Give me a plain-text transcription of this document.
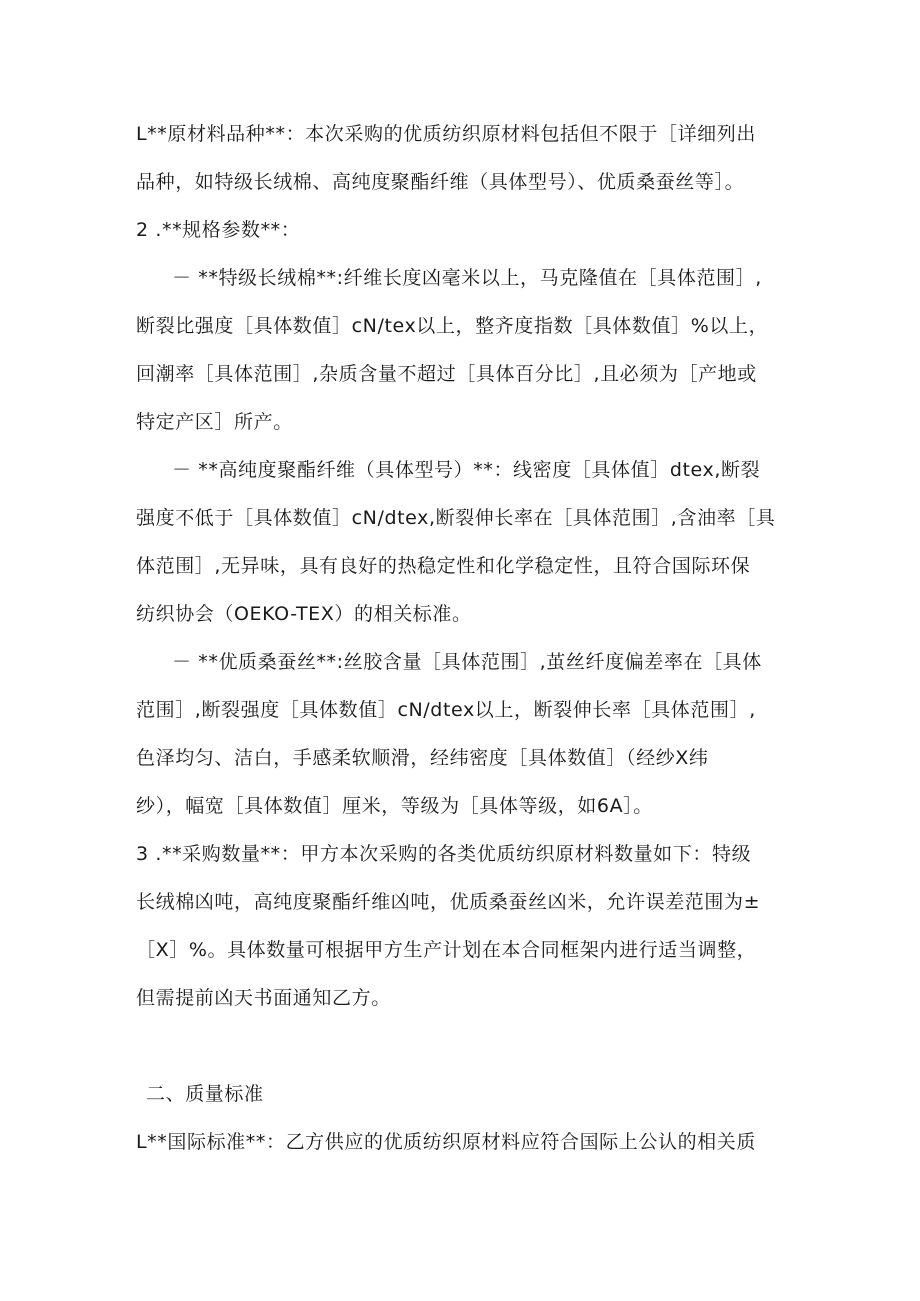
L**原材料品种**：本次采购的优质纺织原材料包括但不限于［详细列出
品种，如特级长绒棉、高纯度聚酯纤维（具体型号）、优质桑蚕丝等］。
2 .**规格参数**：
－ **特级长绒棉**:纤维长度凶毫米以上，马克隆值在［具体范围］,
断裂比强度［具体数值］cN/tex以上，整齐度指数［具体数值］%以上，
回潮率［具体范围］,杂质含量不超过［具体百分比］,且必须为［产地或
特定产区］所产。
－ **高纯度聚酯纤维（具体型号）**：线密度［具体值］dtex,断裂
强度不低于［具体数值］cN/dtex,断裂伸长率在［具体范围］,含油率［具
体范围］,无异味，具有良好的热稳定性和化学稳定性，且符合国际环保
纺织协会（OEKO-TEX）的相关标准。
－ **优质桑蚕丝**:丝胶含量［具体范围］,茧丝纤度偏差率在［具体
范围］,断裂强度［具体数值］cN/dtex以上，断裂伸长率［具体范围］,
色泽均匀、洁白，手感柔软顺滑，经纬密度［具体数值］（经纱X纬
纱），幅宽［具体数值］厘米，等级为［具体等级，如6A］。
3 .**采购数量**：甲方本次采购的各类优质纺织原材料数量如下：特级
长绒棉凶吨，高纯度聚酯纤维凶吨，优质桑蚕丝凶米，允许误差范围为±
［X］%。具体数量可根据甲方生产计划在本合同框架内进行适当调整，
但需提前凶天书面通知乙方。
二、质量标准
L**国际标准**：乙方供应的优质纺织原材料应符合国际上公认的相关质
